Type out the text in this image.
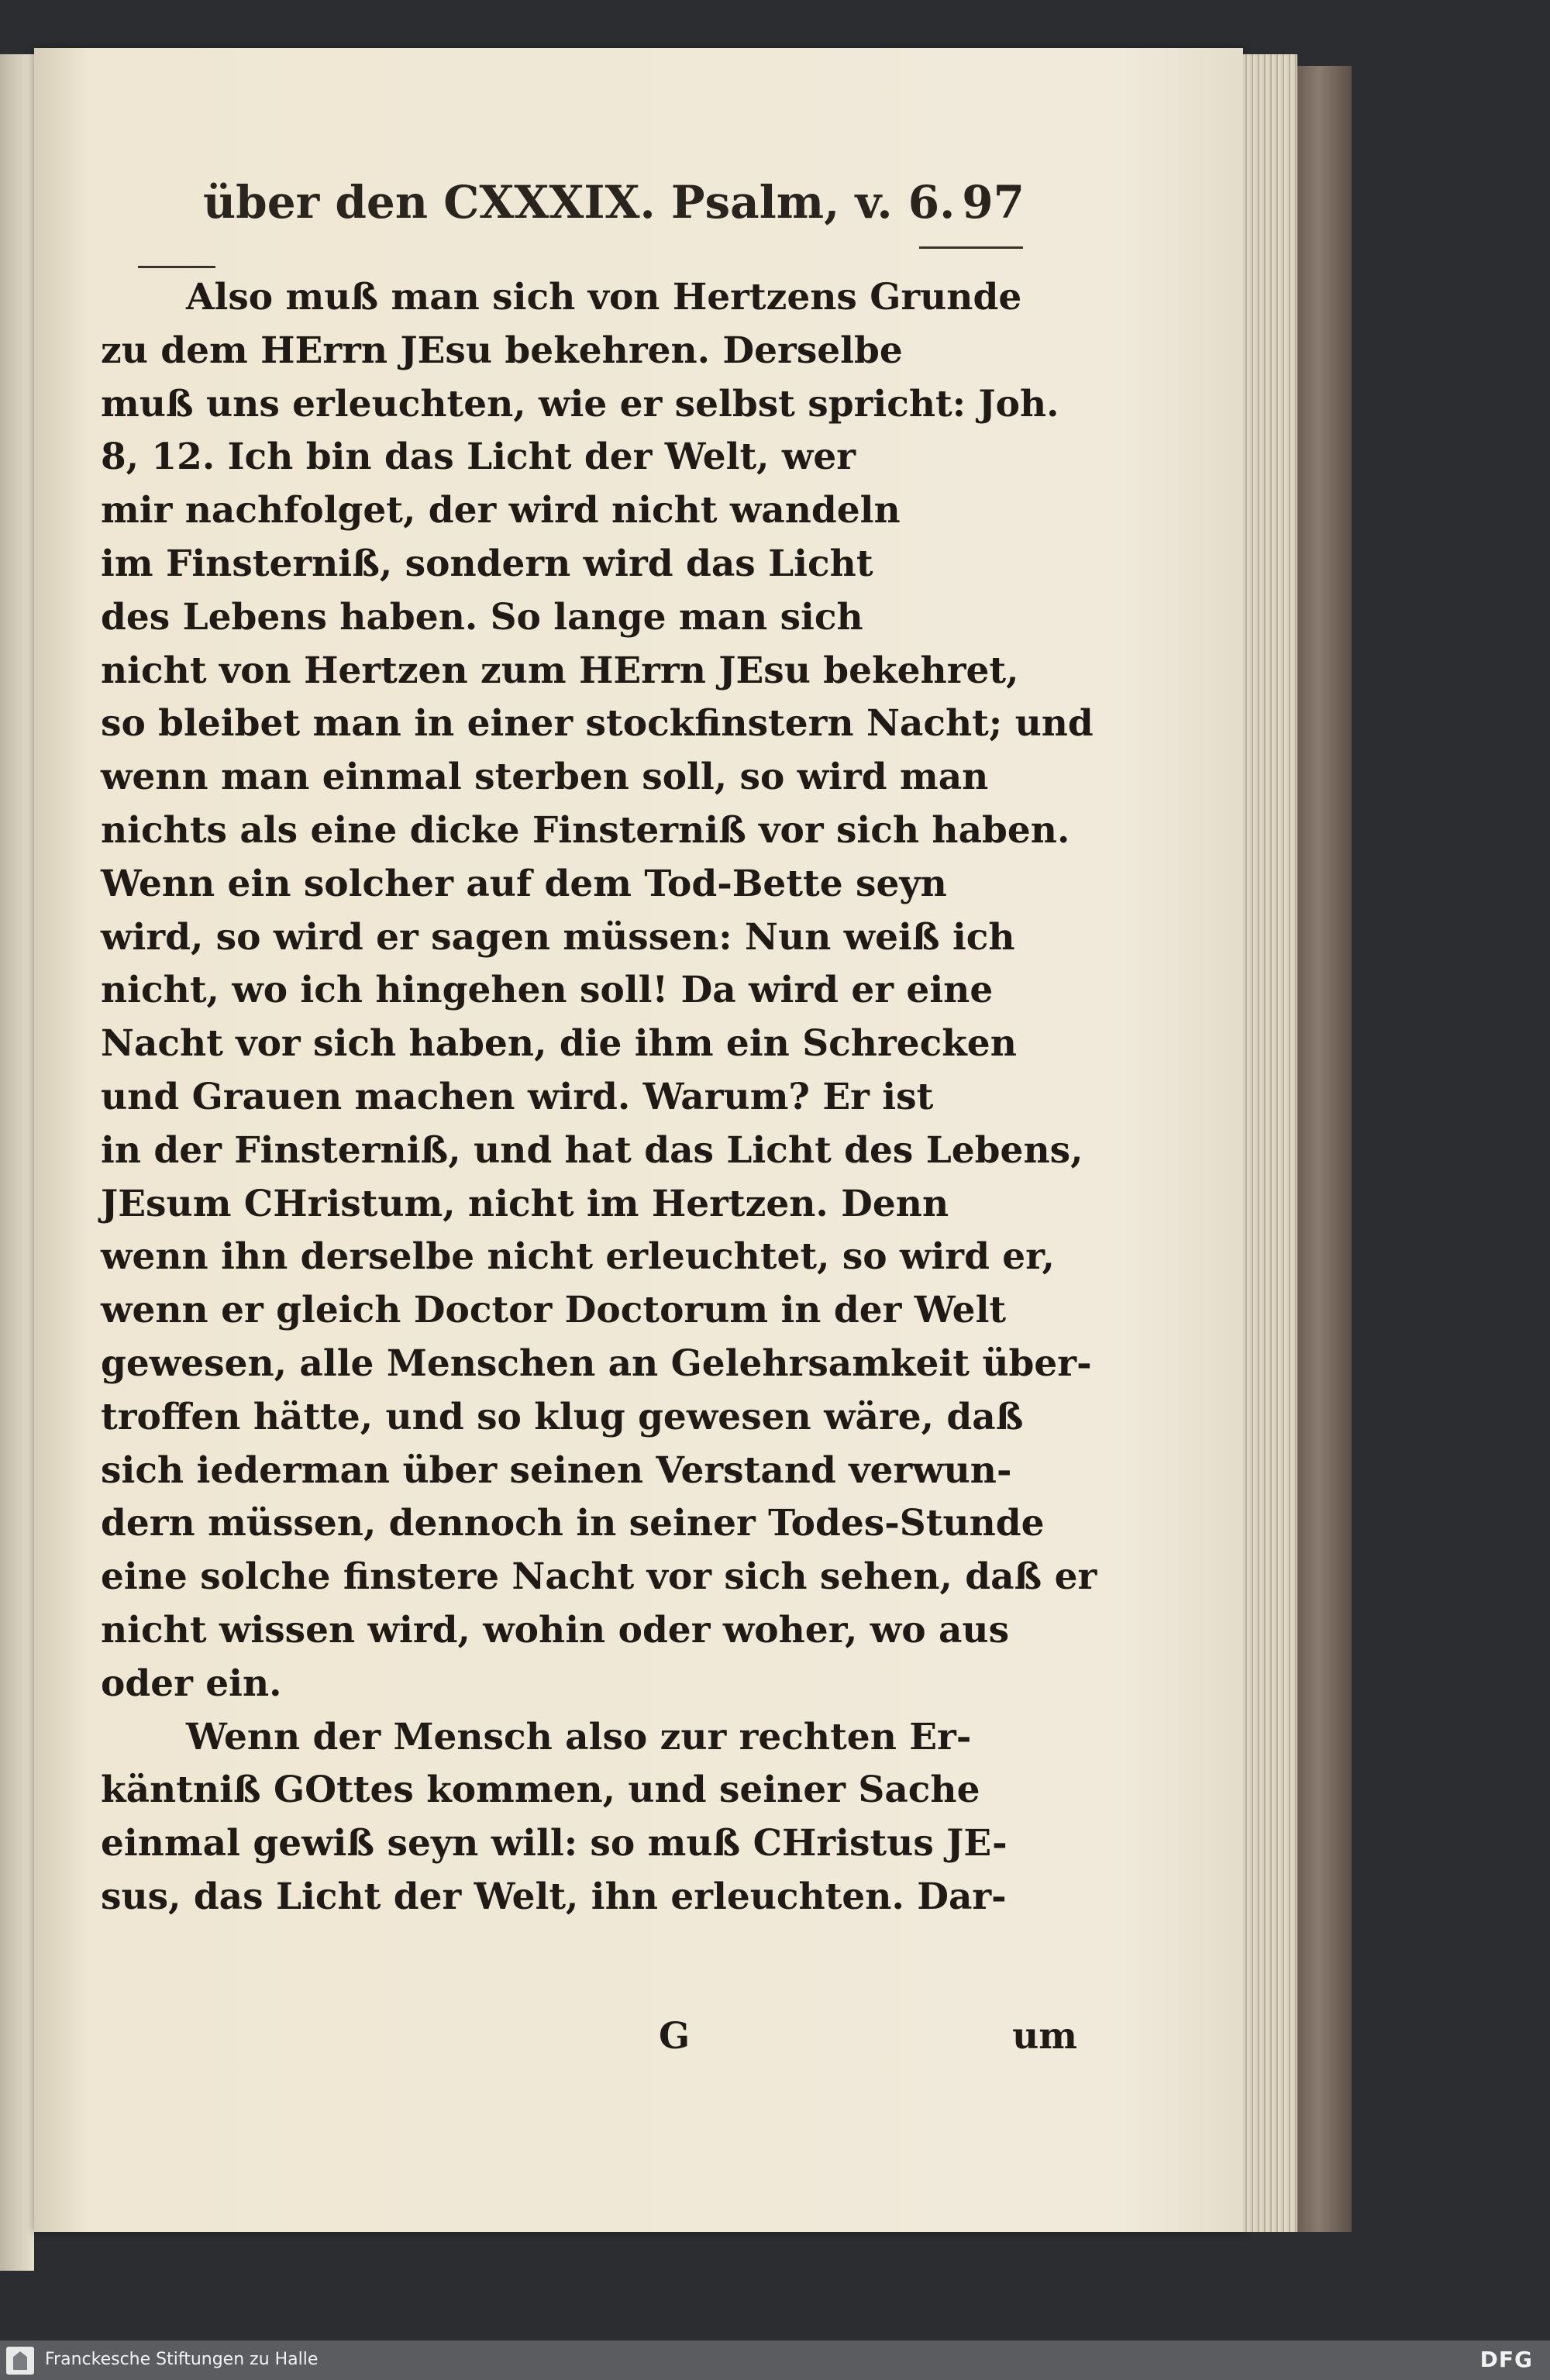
über den CXXXIX. Psalm, v. 6. 97
Also muß man sich von Hertzens Grunde
zu dem HErrn JEsu bekehren. Derselbe
muß uns erleuchten, wie er selbst spricht: Joh.
8, 12. Ich bin das Licht der Welt, wer
mir nachfolget, der wird nicht wandeln
im Finsterniß, sondern wird das Licht
des Lebens haben. So lange man sich
nicht von Hertzen zum HErrn JEsu bekehret,
so bleibet man in einer stockfinstern Nacht; und
wenn man einmal sterben soll, so wird man
nichts als eine dicke Finsterniß vor sich haben.
Wenn ein solcher auf dem Tod-Bette seyn
wird, so wird er sagen müssen: Nun weiß ich
nicht, wo ich hingehen soll! Da wird er eine
Nacht vor sich haben, die ihm ein Schrecken
und Grauen machen wird. Warum? Er ist
in der Finsterniß, und hat das Licht des Lebens,
JEsum CHristum, nicht im Hertzen. Denn
wenn ihn derselbe nicht erleuchtet, so wird er,
wenn er gleich Doctor Doctorum in der Welt
gewesen, alle Menschen an Gelehrsamkeit über-
troffen hätte, und so klug gewesen wäre, daß
sich iederman über seinen Verstand verwun-
dern müssen, dennoch in seiner Todes-Stunde
eine solche finstere Nacht vor sich sehen, daß er
nicht wissen wird, wohin oder woher, wo aus
oder ein.
Wenn der Mensch also zur rechten Er-
käntniß GOttes kommen, und seiner Sache
einmal gewiß seyn will: so muß CHristus JE-
sus, das Licht der Welt, ihn erleuchten. Dar-
G	um
Franckesche Stiftungen zu Halle	DFG
